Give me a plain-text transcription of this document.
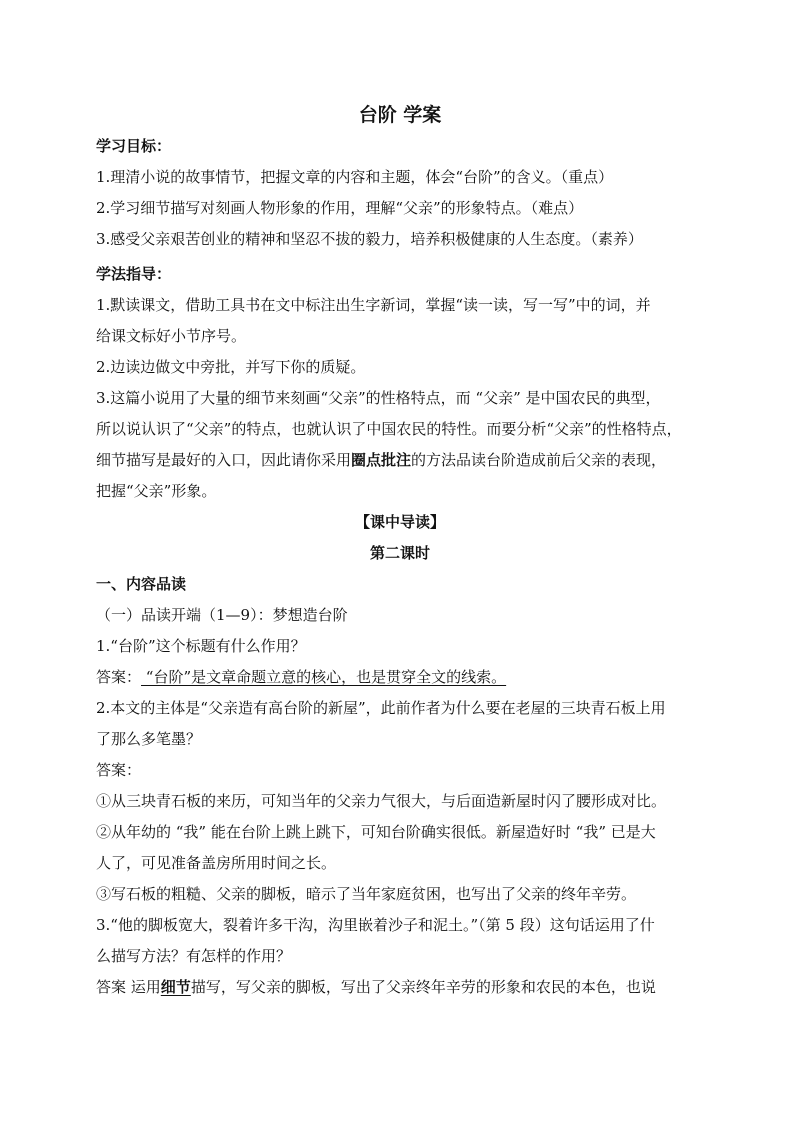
台阶 学案

学习目标：

1.理清小说的故事情节，把握文章的内容和主题，体会“台阶”的含义。（重点）

2.学习细节描写对刻画人物形象的作用，理解“父亲”的形象特点。（难点）

3.感受父亲艰苦创业的精神和坚忍不拔的毅力，培养积极健康的人生态度。（素养）

学法指导：

1.默读课文，借助工具书在文中标注出生字新词，掌握“读一读，写一写”中的词，并

给课文标好小节序号。

2.边读边做文中旁批，并写下你的质疑。

3.这篇小说用了大量的细节来刻画“父亲”的性格特点，而 “父亲” 是中国农民的典型，

所以说认识了“父亲”的特点，也就认识了中国农民的特性。而要分析“父亲”的性格特点，

细节描写是最好的入口，因此请你采用圈点批注的方法品读台阶造成前后父亲的表现，

把握“父亲”形象。

【课中导读】

第二课时

一、内容品读

（一）品读开端（1—9）：梦想造台阶

1.“台阶”这个标题有什么作用？

答案： “台阶”是文章命题立意的核心，也是贯穿全文的线索。

2.本文的主体是“父亲造有高台阶的新屋”，此前作者为什么要在老屋的三块青石板上用

了那么多笔墨？

答案：

①从三块青石板的来历，可知当年的父亲力气很大，与后面造新屋时闪了腰形成对比。

②从年幼的 “我” 能在台阶上跳上跳下，可知台阶确实很低。新屋造好时 “我” 已是大

人了，可见准备盖房所用时间之长。

③写石板的粗糙、父亲的脚板，暗示了当年家庭贫困，也写出了父亲的终年辛劳。

3.“他的脚板宽大，裂着许多干沟，沟里嵌着沙子和泥土。”（第 5 段）这句话运用了什

么描写方法？有怎样的作用？

答案 运用细节描写，写父亲的脚板，写出了父亲终年辛劳的形象和农民的本色，也说
